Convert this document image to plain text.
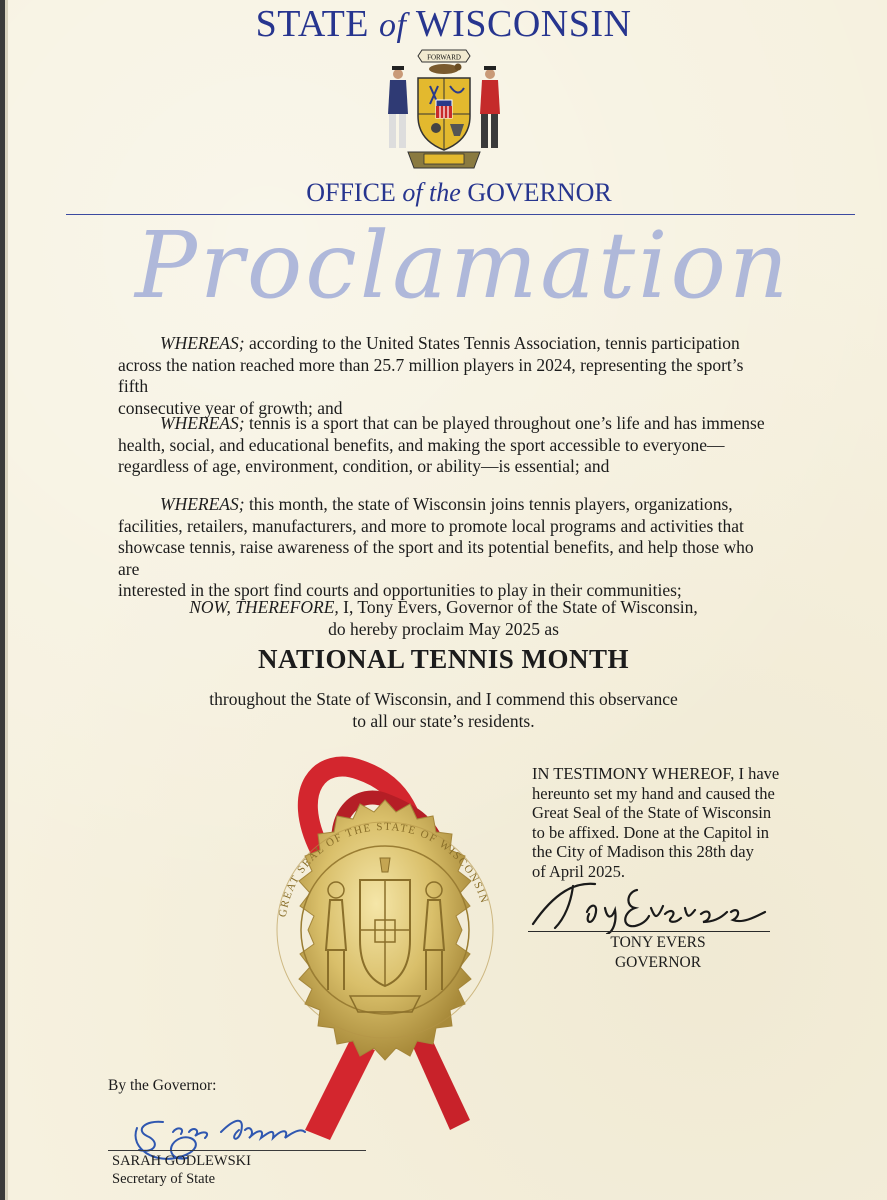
STATE of WISCONSIN
FORWARD
OFFICE of the GOVERNOR
Proclamation
WHEREAS; according to the United States Tennis Association, tennis participation
across the nation reached more than 25.7 million players in 2024, representing the sport’s fifth
consecutive year of growth; and
WHEREAS; tennis is a sport that can be played throughout one’s life and has immense
health, social, and educational benefits, and making the sport accessible to everyone—
regardless of age, environment, condition, or ability—is essential; and
WHEREAS; this month, the state of Wisconsin joins tennis players, organizations,
facilities, retailers, manufacturers, and more to promote local programs and activities that
showcase tennis, raise awareness of the sport and its potential benefits, and help those who are
interested in the sport find courts and opportunities to play in their communities;
NOW, THEREFORE, I, Tony Evers, Governor of the State of Wisconsin,
do hereby proclaim May 2025 as
NATIONAL TENNIS MONTH
throughout the State of Wisconsin, and I commend this observance
to all our state’s residents.
IN TESTIMONY WHEREOF, I have
hereunto set my hand and caused the
Great Seal of the State of Wisconsin
to be affixed. Done at the Capitol in
the City of Madison this 28th day
of April 2025.
TONY EVERS
GOVERNOR
GREAT SEAL OF THE STATE OF WISCONSIN
By the Governor:
SARAH GODLEWSKI
Secretary of State
